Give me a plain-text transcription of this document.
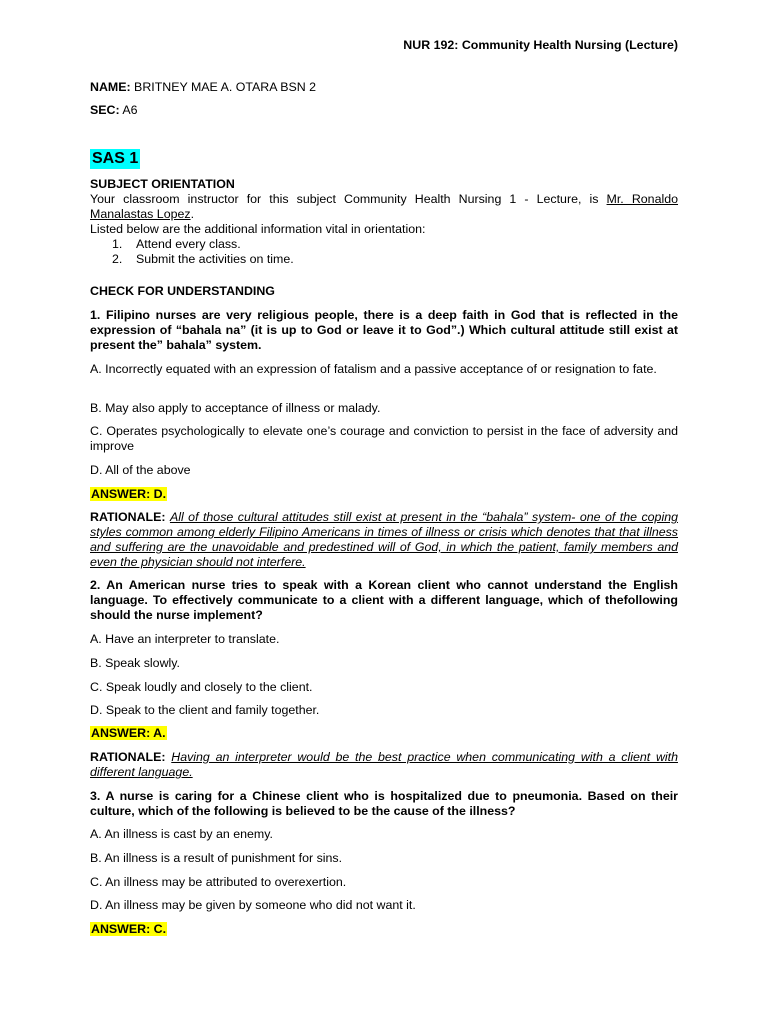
NUR 192: Community Health Nursing (Lecture)
NAME: BRITNEY MAE A. OTARA BSN 2
SEC: A6
SAS 1
SUBJECT ORIENTATION
Your classroom instructor for this subject Community Health Nursing 1 - Lecture, is Mr. Ronaldo Manalastas Lopez.
Listed below are the additional information vital in orientation:
1. Attend every class.
2. Submit the activities on time.
CHECK FOR UNDERSTANDING
1. Filipino nurses are very religious people, there is a deep faith in God that is reflected in the expression of “bahala na” (it is up to God or leave it to God”.) Which cultural attitude still exist at present the” bahala” system.
A. Incorrectly equated with an expression of fatalism and a passive acceptance of or resignation to fate.
B. May also apply to acceptance of illness or malady.
C. Operates psychologically to elevate one’s courage and conviction to persist in the face of adversity and improve
D. All of the above
ANSWER: D.
RATIONALE: All of those cultural attitudes still exist at present in the “bahala” system- one of the coping styles common among elderly Filipino Americans in times of illness or crisis which denotes that that illness and suffering are the unavoidable and predestined will of God, in which the patient, family members and even the physician should not interfere.
2. An American nurse tries to speak with a Korean client who cannot understand the English language. To effectively communicate to a client with a different language, which of thefollowing should the nurse implement?
A. Have an interpreter to translate.
B. Speak slowly.
C. Speak loudly and closely to the client.
D. Speak to the client and family together.
ANSWER: A.
RATIONALE: Having an interpreter would be the best practice when communicating with a client with different language.
3. A nurse is caring for a Chinese client who is hospitalized due to pneumonia. Based on their culture, which of the following is believed to be the cause of the illness?
A. An illness is cast by an enemy.
B. An illness is a result of punishment for sins.
C. An illness may be attributed to overexertion.
D. An illness may be given by someone who did not want it.
ANSWER: C.
